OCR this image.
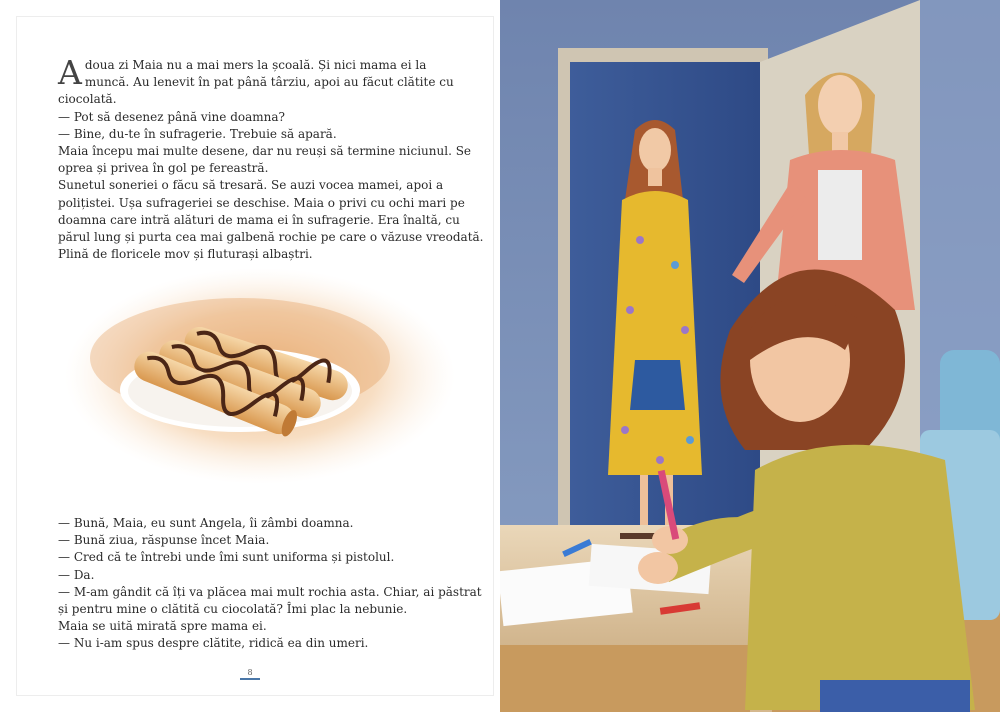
Adoua zi Maia nu a mai mers la școală. Și nici mama ei la muncă. Au lenevit în pat până târziu, apoi au făcut clătite cu ciocolată.

— Pot să desenez până vine doamna?

— Bine, du-te în sufragerie. Trebuie să apară.

Maia începu mai multe desene, dar nu reuși să termine niciunul. Se

oprea și privea în gol pe fereastră.

Sunetul soneriei o făcu să tresară. Se auzi vocea mamei, apoi a

polițistei. Ușa sufrageriei se deschise. Maia o privi cu ochi mari pe

doamna care intră alături de mama ei în sufragerie. Era înaltă, cu

părul lung și purta cea mai galbenă rochie pe care o văzuse vreodată.

Plină de floricele mov și fluturași albaștri.

— Bună, Maia, eu sunt Angela, îi zâmbi doamna.

— Bună ziua, răspunse încet Maia.

— Cred că te întrebi unde îmi sunt uniforma și pistolul.

— Da.

— M-am gândit că îți va plăcea mai mult rochia asta. Chiar, ai păstrat

și pentru mine o clătită cu ciocolată? Îmi plac la nebunie.

Maia se uită mirată spre mama ei.

— Nu i-am spus despre clătite, ridică ea din umeri.

8
